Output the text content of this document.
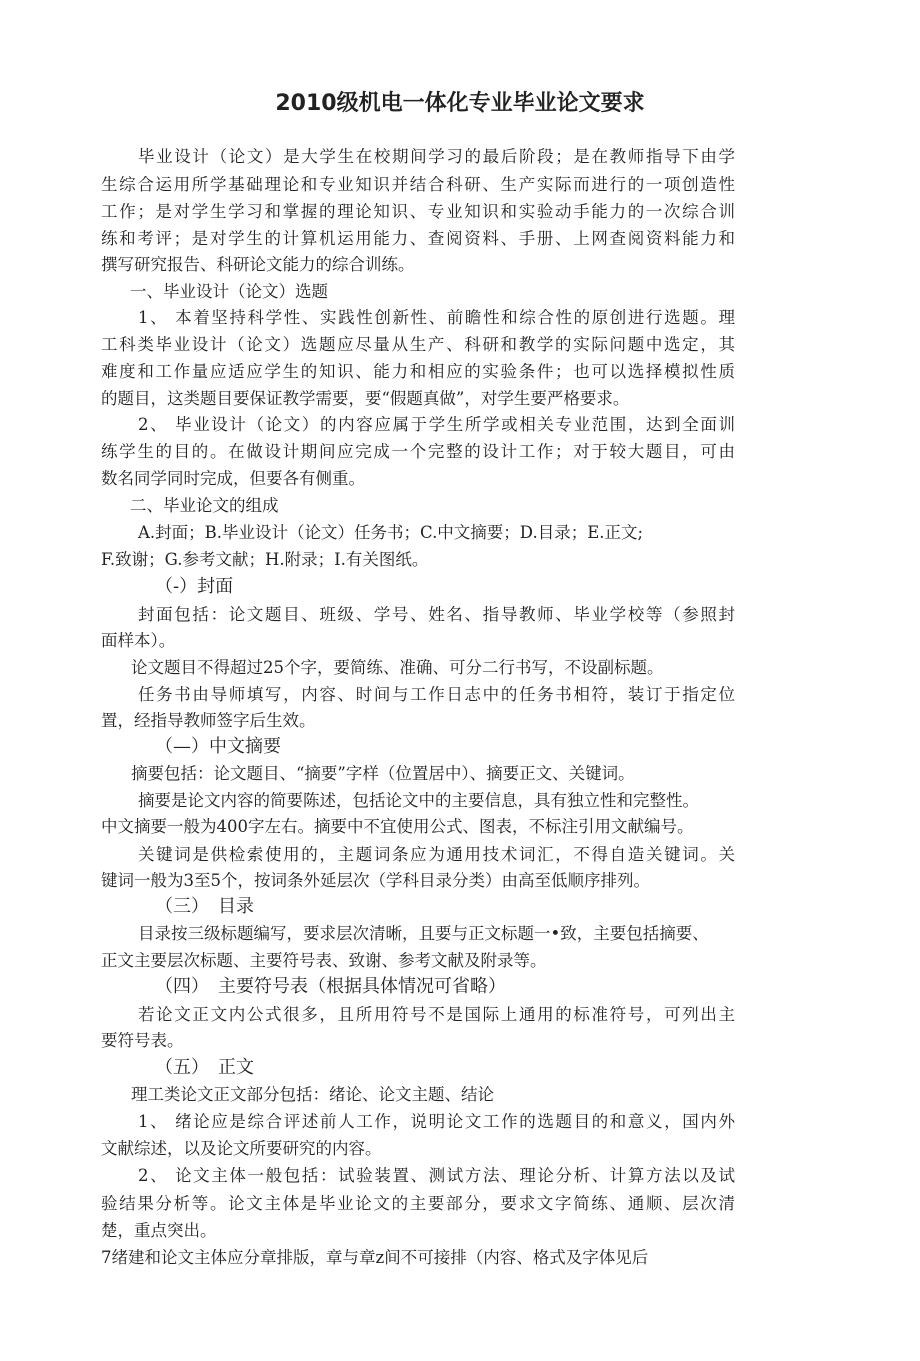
2010级机电一体化专业毕业论文要求
毕业设计（论文）是大学生在校期间学习的最后阶段；是在教师指导下由学
生综合运用所学基础理论和专业知识并结合科研、生产实际而进行的一项创造性
工作；是对学生学习和掌握的理论知识、专业知识和实验动手能力的一次综合训
练和考评；是对学生的计算机运用能力、查阅资料、手册、上网查阅资料能力和
撰写研究报告、科研论文能力的综合训练。
一、毕业设计（论文）选题
1、 本着坚持科学性、实践性创新性、前瞻性和综合性的原创进行选题。理
工科类毕业设计（论文）选题应尽量从生产、科研和教学的实际问题中选定，其
难度和工作量应适应学生的知识、能力和相应的实验条件；也可以选择模拟性质
的题目，这类题目要保证教学需要，要“假题真做”，对学生要严格要求。
2、 毕业设计（论文）的内容应属于学生所学或相关专业范围，达到全面训
练学生的目的。在做设计期间应完成一个完整的设计工作；对于较大题目，可由
数名同学同时完成，但要各有侧重。
二、毕业论文的组成
A.封面；B.毕业设计（论文）任务书；C.中文摘要；D.目录；E.正文;
F.致谢；G.参考文献；H.附录；I.有关图纸。
（-）封面
封面包括：论文题目、班级、学号、姓名、指导教师、毕业学校等（参照封
面样本）。
论文题目不得超过25个字，要简练、准确、可分二行书写，不设副标题。
任务书由导师填写，内容、时间与工作日志中的任务书相符，装订于指定位
置，经指导教师签字后生效。
（—）中文摘要
摘要包括：论文题目、“摘要”字样（位置居中）、摘要正文、关键词。
摘要是论文内容的简要陈述，包括论文中的主要信息，具有独立性和完整性。
中文摘要一般为400字左右。摘要中不宜使用公式、图表，不标注引用文献编号。
关键词是供检索使用的，主题词条应为通用技术词汇，不得自造关键词。关
键词一般为3至5个，按词条外延层次（学科目录分类）由高至低顺序排列。
（三）　目录
目录按三级标题编写，要求层次清晰，且要与正文标题一•致，主要包括摘要、
正文主要层次标题、主要符号表、致谢、参考文献及附录等。
（四）　主要符号表（根据具体情况可省略）
若论文正文内公式很多，且所用符号不是国际上通用的标准符号，可列出主
要符号表。
（五）　正文
理工类论文正文部分包括：绪论、论文主题、结论
1、 绪论应是综合评述前人工作，说明论文工作的选题目的和意义，国内外
文献综述，以及论文所要研究的内容。
2、 论文主体一般包括：试验装置、测试方法、理论分析、计算方法以及试
验结果分析等。论文主体是毕业论文的主要部分，要求文字简练、通顺、层次清
楚，重点突出。
7绪建和论文主体应分章排版，章与章z间不可接排（内容、格式及字体见后
